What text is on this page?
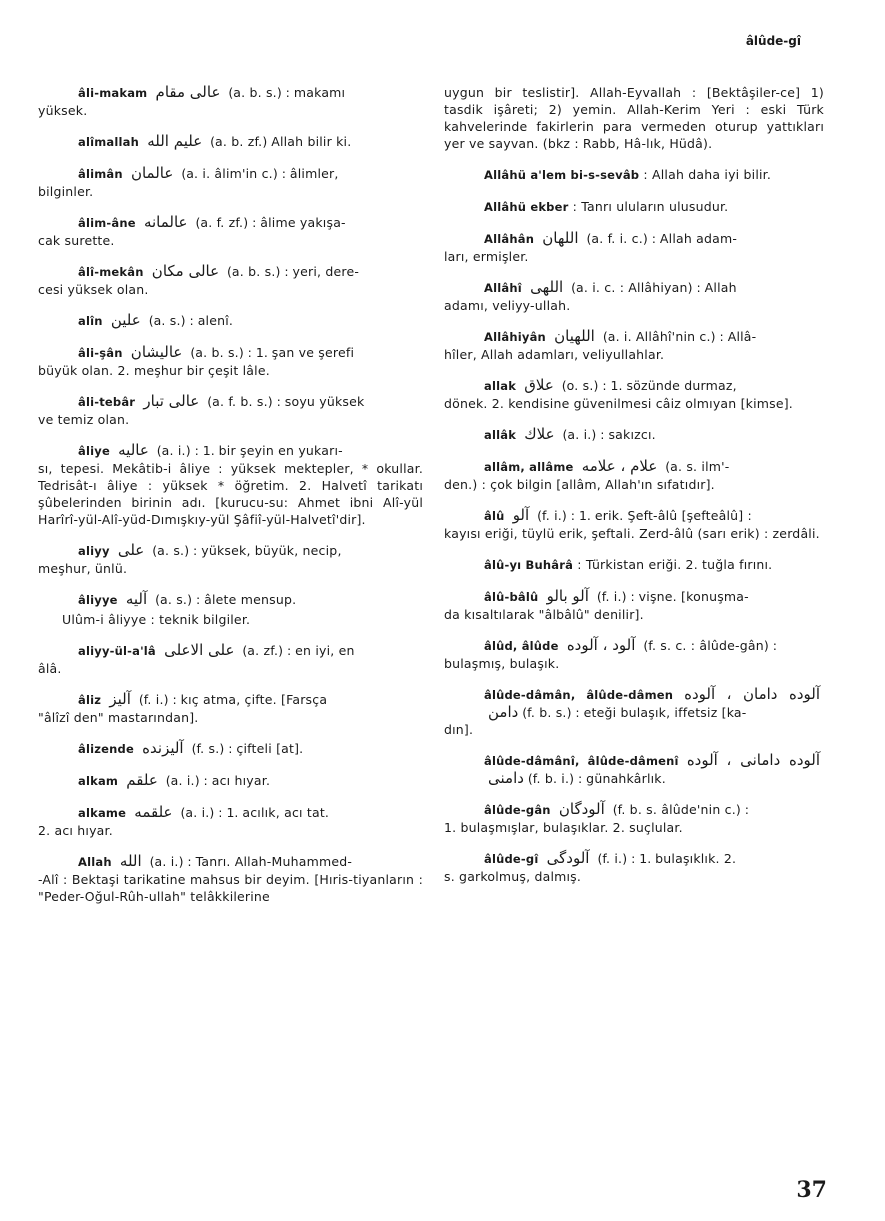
âlûde-gî
âli-makam عالى مقام (a. b. s.) : makamı
yüksek.
alîmallah عليم الله (a. b. zf.) Allah bilir ki.
âlimân عالمان (a. i. âlim'in c.) : âlimler,
bilginler.
âlim-âne عالمانه (a. f. zf.) : âlime yakışa-
cak surette.
âlî-mekân عالى مكان (a. b. s.) : yeri, dere-
cesi yüksek olan.
alîn علين (a. s.) : alenî.
âli-şân عاليشان (a. b. s.) : 1. şan ve şerefi
büyük olan. 2. meşhur bir çeşit lâle.
âli-tebâr عالى تبار (a. f. b. s.) : soyu yüksek
ve temiz olan.
âliye عاليه (a. i.) : 1. bir şeyin en yukarı-
sı, tepesi. Mekâtib-i âliye : yüksek mektepler, * okullar. Tedrisât-ı âliye : yüksek * öğretim. 2. Halvetî tarikatı şûbelerinden birinin adı. [kurucu-su: Ahmet ibni Alî-yül Harîrî-yül-Alî-yüd-Dımışkıy-yül Şâfiî-yül-Halvetî'dir].
aliyy على (a. s.) : yüksek, büyük, necip,
meşhur, ünlü.
âliyye آليه (a. s.) : âlete mensup.
Ulûm-i âliyye : teknik bilgiler.
aliyy-ül-a'lâ على الاعلى (a. zf.) : en iyi, en
âlâ.
âliz آليز (f. i.) : kıç atma, çifte. [Farsça
"âlîzî den" mastarından].
âlizende آليزنده (f. s.) : çifteli [at].
alkam علقم (a. i.) : acı hıyar.
alkame علقمه (a. i.) : 1. acılık, acı tat.
2. acı hıyar.
Allah الله (a. i.) : Tanrı. Allah-Muhammed-
-Alî : Bektaşi tarikatine mahsus bir deyim. [Hıris-tiyanların : "Peder-Oğul-Rûh-ullah" telâkkilerine
uygun bir teslistir]. Allah-Eyvallah : [Bektâşiler-ce] 1) tasdik işâreti; 2) yemin. Allah-Kerim Yeri : eski Türk kahvelerinde fakirlerin para vermeden oturup yattıkları yer ve sayvan. (bkz : Rabb, Hâ-lık, Hüdâ).
Allâhü a'lem bi-s-sevâb : Allah daha iyi bilir.
Allâhü ekber : Tanrı uluların ulusudur.
Allâhân اللهان (a. f. i. c.) : Allah adam-
ları, ermişler.
Allâhî اللهى (a. i. c. : Allâhiyan) : Allah
adamı, veliyy-ullah.
Allâhiyân اللهيان (a. i. Allâhî'nin c.) : Allâ-
hîler, Allah adamları, veliyullahlar.
allak علاق (o. s.) : 1. sözünde durmaz,
dönek. 2. kendisine güvenilmesi câiz olmıyan [kimse].
allâk علاك (a. i.) : sakızcı.
allâm, allâme علام ، علامه (a. s. ilm'-
den.) : çok bilgin [allâm, Allah'ın sıfatıdır].
âlû آلو (f. i.) : 1. erik. Şeft-âlû [şefteâlû] :
kayısı eriği, tüylü erik, şeftali. Zerd-âlû (sarı erik) : zerdâli.
âlû-yı Buhârâ : Türkistan eriği. 2. tuğla fırını.
âlû-bâlû آلو بالو (f. i.) : vişne. [konuşma-
da kısaltılarak "âlbâlû" denilir].
âlûd, âlûde آلود ، آلوده (f. s. c. : âlûde-gân) :
bulaşmış, bulaşık.
âlûde-dâmân, âlûde-dâmen آلوده دامان ، آلوده دامن (f. b. s.) : eteği bulaşık, iffetsiz [ka-
dın].
âlûde-dâmânî, âlûde-dâmenî آلوده دامانى ، آلوده دامنى (f. b. i.) : günahkârlık.
âlûde-gân آلودگان (f. b. s. âlûde'nin c.) :
1. bulaşmışlar, bulaşıklar. 2. suçlular.
âlûde-gî آلودگى (f. i.) : 1. bulaşıklık. 2.
s. garkolmuş, dalmış.
37
